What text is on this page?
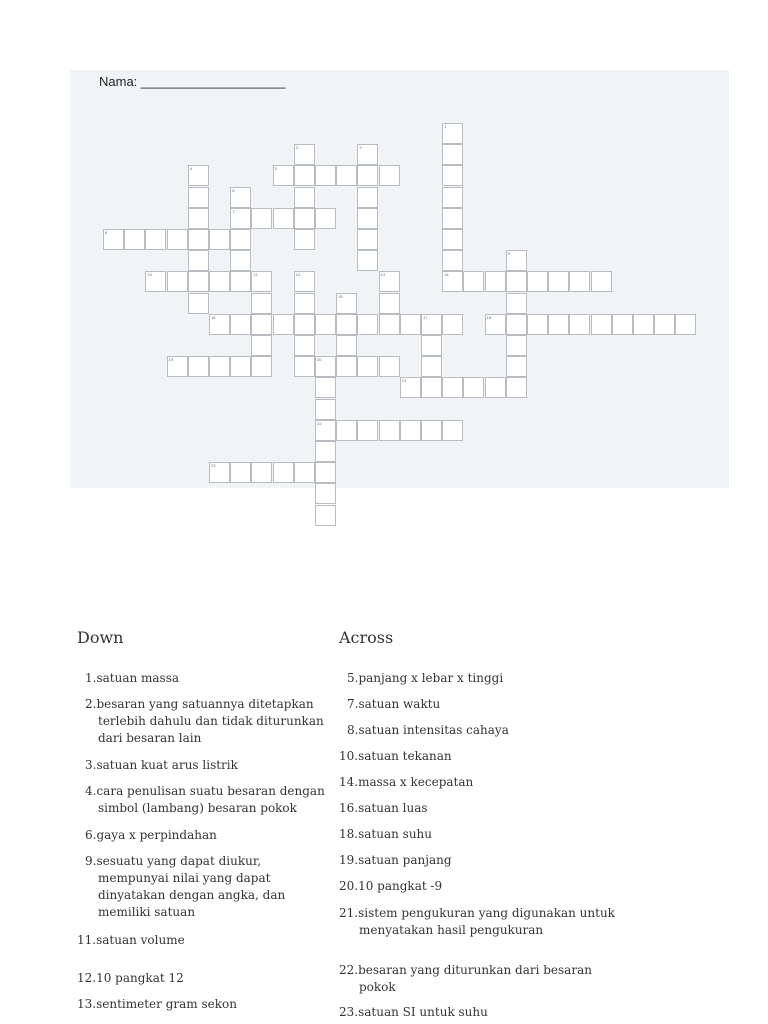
Nama: ____________________
1
2	3
4	5
6
7
8
9
10	11	12	13	14
15
16	17	18
19	20
21
22
23
Down
1.satuan massa
2.besaran yang satuannya ditetapkan
terlebih dahulu dan tidak diturunkan
dari besaran lain
3.satuan kuat arus listrik
4.cara penulisan suatu besaran dengan
simbol (lambang) besaran pokok
6.gaya x perpindahan
9.sesuatu yang dapat diukur,
mempunyai nilai yang dapat
dinyatakan dengan angka, dan
memiliki satuan
11.satuan volume
12.10 pangkat 12
13.sentimeter gram sekon
Across
5.panjang x lebar x tinggi
7.satuan waktu
8.satuan intensitas cahaya
10.satuan tekanan
14.massa x kecepatan
16.satuan luas
18.satuan suhu
19.satuan panjang
20.10 pangkat -9
21.sistem pengukuran yang digunakan untuk
menyatakan hasil pengukuran
22.besaran yang diturunkan dari besaran
pokok
23.satuan SI untuk suhu
